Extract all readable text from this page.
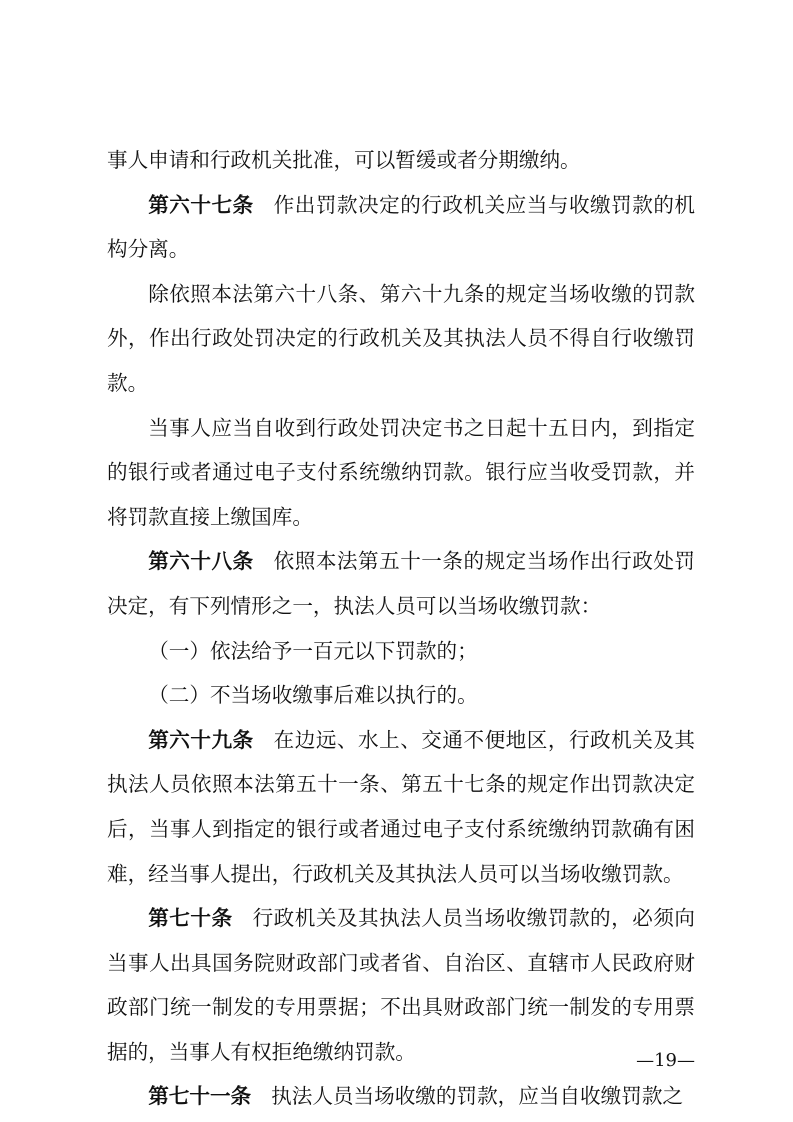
事人申请和行政机关批准，可以暂缓或者分期缴纳。

第六十七条 作出罚款决定的行政机关应当与收缴罚款的机构分离。

除依照本法第六十八条、第六十九条的规定当场收缴的罚款外，作出行政处罚决定的行政机关及其执法人员不得自行收缴罚款。

当事人应当自收到行政处罚决定书之日起十五日内，到指定的银行或者通过电子支付系统缴纳罚款。银行应当收受罚款，并将罚款直接上缴国库。

第六十八条 依照本法第五十一条的规定当场作出行政处罚决定，有下列情形之一，执法人员可以当场收缴罚款：

（一）依法给予一百元以下罚款的；

（二）不当场收缴事后难以执行的。

第六十九条 在边远、水上、交通不便地区，行政机关及其执法人员依照本法第五十一条、第五十七条的规定作出罚款决定后，当事人到指定的银行或者通过电子支付系统缴纳罚款确有困难，经当事人提出，行政机关及其执法人员可以当场收缴罚款。

第七十条 行政机关及其执法人员当场收缴罚款的，必须向当事人出具国务院财政部门或者省、自治区、直辖市人民政府财政部门统一制发的专用票据；不出具财政部门统一制发的专用票据的，当事人有权拒绝缴纳罚款。

第七十一条 执法人员当场收缴的罚款，应当自收缴罚款之

—19—
